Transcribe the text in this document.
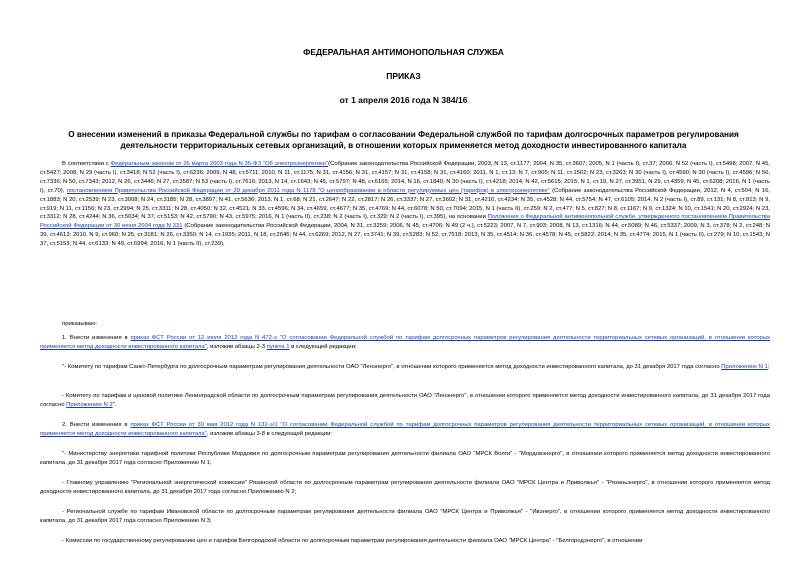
ФЕДЕРАЛЬНАЯ АНТИМОНОПОЛЬНАЯ СЛУЖБА
ПРИКАЗ
от 1 апреля 2016 года N 384/16
О внесении изменений в приказы Федеральной службы по тарифам о согласовании Федеральной службой по тарифам долгосрочных параметров регулирования деятельности территориальных сетевых организаций, в отношении которых применяется метод доходности инвестированного капитала
В соответствии с Федеральным законом от 26 марта 2003 года N 35-ФЗ "Об электроэнергетике"(Собрание законодательства Российской Федерации, 2003, N 13, ст.1177; 2004, N 35, ст.3607; 2005, N 1 (часть I), ст.37; 2006, N 52 (часть I), ст.5498; 2007, N 45, ст.5427; 2008, N 29 (часть I), ст.3418; N 52 (часть I), ст.6236; 2009, N 48, ст.5711; 2010, N 11, ст.1175; N 31, ст.4156; N 31, ст.4157; N 31, ст.4158; N 31, ст.4160; 2011, N 1, ст.13; N 7, ст.905; N 11, ст.1502; N 23, ст.3263; N 30 (часть I), ст.4590; N 30 (часть I), ст.4596; N 50, ст.7336; N 50, ст.7343; 2012, N 26, ст.3446; N 27, ст.3587; N 53 (часть I), ст.7616; 2013, N 14, ст.1643; N 45, ст.5797; N 48, ст.6165; 2014, N 16, ст.1840; N 30 (часть I), ст.4218; 2014, N 42, ст.5615; 2015, N 1, ст.19, N 27, ст.3951, N 29, ст.4359; N 45, ст.6208; 2016, N 1 (часть I), ст.70), постановлением Правительства Российской Федерации от 29 декабря 2011 года N 1178 "О ценообразовании в области регулируемых цен (тарифов) в электроэнергетике" (Собрание законодательства Российской Федерации, 2012, N 4, ст.504; N 16, ст.1883; N 20, ст.2539; N 23, ст.3008; N 24, ст.3185; N 28, ст.3897; N 41, ст.5636; 2013, N 1, ст.68; N 21, ст.2647; N 22, ст.2817; N 26, ст.3337; N 27, ст.3602; N 31, ст.4216, ст.4234; N 35, ст.4528; N 44, ст.5754; N 47, ст.6105; 2014, N 2 (часть I), ст.89, ст.131; N 8, ст.813; N 9, ст.919; N 11, ст.1156; N 23, ст.2994; N 25, ст.3311; N 28, ст.4050; N 32, ст.4521; N 33, ст.4596; N 34, ст.4659, ст.4677; N 35, ст.4769; N 44, ст.6078; N 50, ст.7094; 2015, N 1 (часть II), ст.259; N 2, ст.477; N 5, ст.827; N 8, ст.1167; N 9, ст.1324; N 10, ст.1541; N 20, ст.2924; N 23, ст.3312; N 28, ст.4244; N 36, ст.5034; N 37, ст.5153; N 42, ст.5790; N 43, ст.5975; 2016, N 1 (часть II), ст.238; N 2 (часть I), ст.329; N 2 (часть I), ст.395), на основании Положения о Федеральной антимонопольной службе, утвержденного постановлением Правительства Российской Федерации от 30 июня 2004 года N 331 (Собрание законодательства Российской Федерации, 2004, N 31, ст.3259; 2006, N 45, ст.4706; N 49 (2 ч.), ст.5223; 2007, N 7, ст.903; 2008, N 13, ст.1316; N 44, ст.5089; N 46, ст.5337; 2009, N 3, ст.378; N 2, ст.248; N 39, ст.4613; 2010, N 9, ст.960; N 25, ст.3181; N 26, ст.3350; N 14, ст.1935; 2011, N 18, ст.2645; N 44, ст.6269; 2012, N 27, ст.3741; N 39, ст.5283; N 52, ст.7518; 2013, N 35, ст.4514; N 36, ст.4578; N 45, ст.5822; 2014, N 35, ст.4774; 2015, N 1 (часть II), ст.279; N 10, ст.1543; N 37, ст.5153; N 44, ст.6133; N 49, ст.6994; 2016, N 1 (часть II), ст.239),
приказываю:
1. Внести изменения в приказ ФСТ России от 12 июля 2012 года N 472-э "О согласовании Федеральной службой по тарифам долгосрочных параметров регулирования деятельности территориальных сетевых организаций, в отношении которых применяется метод доходности инвестированного капитала", изложив абзацы 2-3 пункта 1 в следующей редакции:
"- Комитету по тарифам Санкт-Петербурга по долгосрочным параметрам регулирования деятельности ОАО "Ленэнерго", в отношении которого применяется метод доходности инвестированного капитала, до 31 декабря 2017 года согласно Приложению N 1;
- Комитету по тарифам и ценовой политике Ленинградской области по долгосрочным параметрам регулирования деятельности ОАО "Ленэнерго", в отношении которого применяется метод доходности инвестированного капитала, до 31 декабря 2017 года согласно Приложению N 2".
2. Внести изменения в приказ ФСТ России от 30 мая 2012 года N 132-э/1 "О согласовании Федеральной службой по тарифам долгосрочных параметров регулирования деятельности территориальных сетевых организаций, в отношении которых применяется метод доходности инвестированного капитала", изложив абзацы 3-8 в следующей редакции:
"- Министерству энергетики тарифной политики Республики Мордовия по долгосрочным параметрам регулирования деятельности филиала ОАО "МРСК Волги" - "Мордовэнерго", в отношении которого применяется метод доходности инвестированного капитала, до 31 декабря 2017 года согласно Приложению N 1;
- Главному управлению "Региональной энергетической комиссии" Рязанской области по долгосрочным параметрам регулирования деятельности филиала ОАО "МРСК Центра и Приволжья" - "Рязаньэнерго", в отношении которого применяется метод доходности инвестированного капитала, до 31 декабря 2017 года согласно Приложению N 2;
- Региональной службе по тарифам Ивановской области по долгосрочным параметрам регулирования деятельности филиала ОАО "МРСК Центра и Приволжья" - "Ивэнерго", в отношении которого применяется метод доходности инвестированного капитала, до 31 декабря 2017 года согласно Приложению N 3;
- Комиссии по государственному регулированию цен и тарифов Белгородской области по долгосрочным параметрам регулирования деятельности филиала ОАО "МРСК Центра" - "Белгородэнерго", в отношении
